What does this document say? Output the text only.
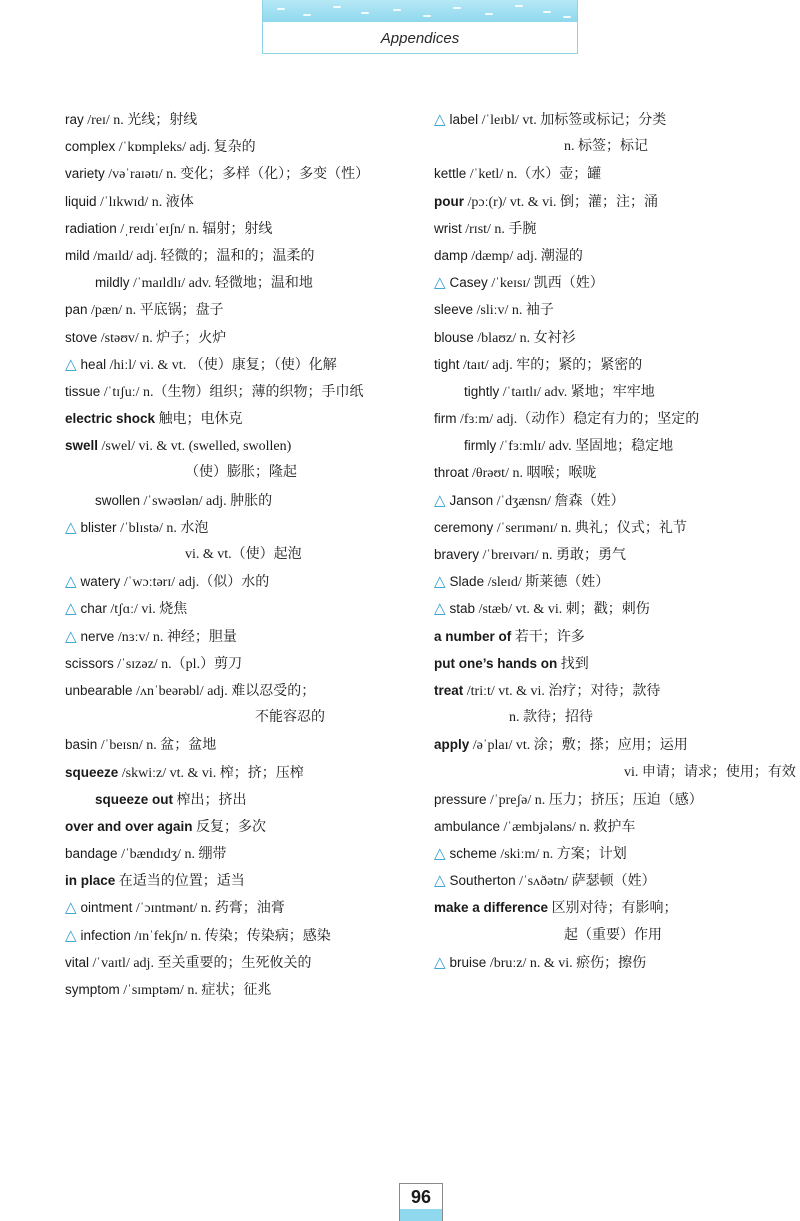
Appendices
ray /reɪ/ n. 光线；射线
complex /ˈkɒmpleks/ adj. 复杂的
variety /vəˈraɪətɪ/ n. 变化；多样（化）；多变（性）
liquid /ˈlɪkwɪd/ n. 液体
radiation /ˌreɪdɪˈeɪʃn/ n. 辐射；射线
mild /maɪld/ adj. 轻微的；温和的；温柔的
mildly /ˈmaɪldlɪ/ adv. 轻微地；温和地
pan /pæn/ n. 平底锅；盘子
stove /stəʊv/ n. 炉子；火炉
△ heal /hiːl/ vi. & vt. （使）康复；（使）化解
tissue /ˈtɪʃuː/ n.（生物）组织；薄的织物；手巾纸
electric shock 触电；电休克
swell /swel/ vi. & vt. (swelled, swollen)
（使）膨胀；隆起
swollen /ˈswəʊlən/ adj. 肿胀的
△ blister /ˈblɪstə/ n. 水泡
vi. & vt.（使）起泡
△ watery /ˈwɔːtərɪ/ adj.（似）水的
△ char /tʃɑː/ vi. 烧焦
△ nerve /nɜːv/ n. 神经；胆量
scissors /ˈsɪzəz/ n.（pl.）剪刀
unbearable /ʌnˈbeərəbl/ adj. 难以忍受的；
不能容忍的
basin /ˈbeɪsn/ n. 盆；盆地
squeeze /skwiːz/ vt. & vi. 榨；挤；压榨
squeeze out 榨出；挤出
over and over again 反复；多次
bandage /ˈbændɪdʒ/ n. 绷带
in place 在适当的位置；适当
△ ointment /ˈɔɪntmənt/ n. 药膏；油膏
△ infection /ɪnˈfekʃn/ n. 传染；传染病；感染
vital /ˈvaɪtl/ adj. 至关重要的；生死攸关的
symptom /ˈsɪmptəm/ n. 症状；征兆
△ label /ˈleɪbl/ vt. 加标签或标记；分类
n. 标签；标记
kettle /ˈketl/ n.（水）壶；罐
pour /pɔː(r)/ vt. & vi. 倒；灌；注；涌
wrist /rɪst/ n. 手腕
damp /dæmp/ adj. 潮湿的
△ Casey /ˈkeɪsɪ/ 凯西（姓）
sleeve /sliːv/ n. 袖子
blouse /blaʊz/ n. 女衬衫
tight /taɪt/ adj. 牢的；紧的；紧密的
tightly /ˈtaɪtlɪ/ adv. 紧地；牢牢地
firm /fɜːm/ adj.（动作）稳定有力的；坚定的
firmly /ˈfɜːmlɪ/ adv. 坚固地；稳定地
throat /θrəʊt/ n. 咽喉；喉咙
△ Janson /ˈdʒænsn/ 詹森（姓）
ceremony /ˈserɪmənɪ/ n. 典礼；仪式；礼节
bravery /ˈbreɪvərɪ/ n. 勇敢；勇气
△ Slade /sleɪd/ 斯莱德（姓）
△ stab /stæb/ vt. & vi. 刺；戳；刺伤
a number of 若干；许多
put one’s hands on 找到
treat /triːt/ vt. & vi. 治疗；对待；款待
n. 款待；招待
apply /əˈplaɪ/ vt. 涂；敷；搽；应用；运用
vi. 申请；请求；使用；有效
pressure /ˈpreʃə/ n. 压力；挤压；压迫（感）
ambulance /ˈæmbjələns/ n. 救护车
△ scheme /skiːm/ n. 方案；计划
△ Southerton /ˈsʌðətn/ 萨瑟顿（姓）
make a difference 区别对待；有影响；
起（重要）作用
△ bruise /bruːz/ n. & vi. 瘀伤；擦伤
96
